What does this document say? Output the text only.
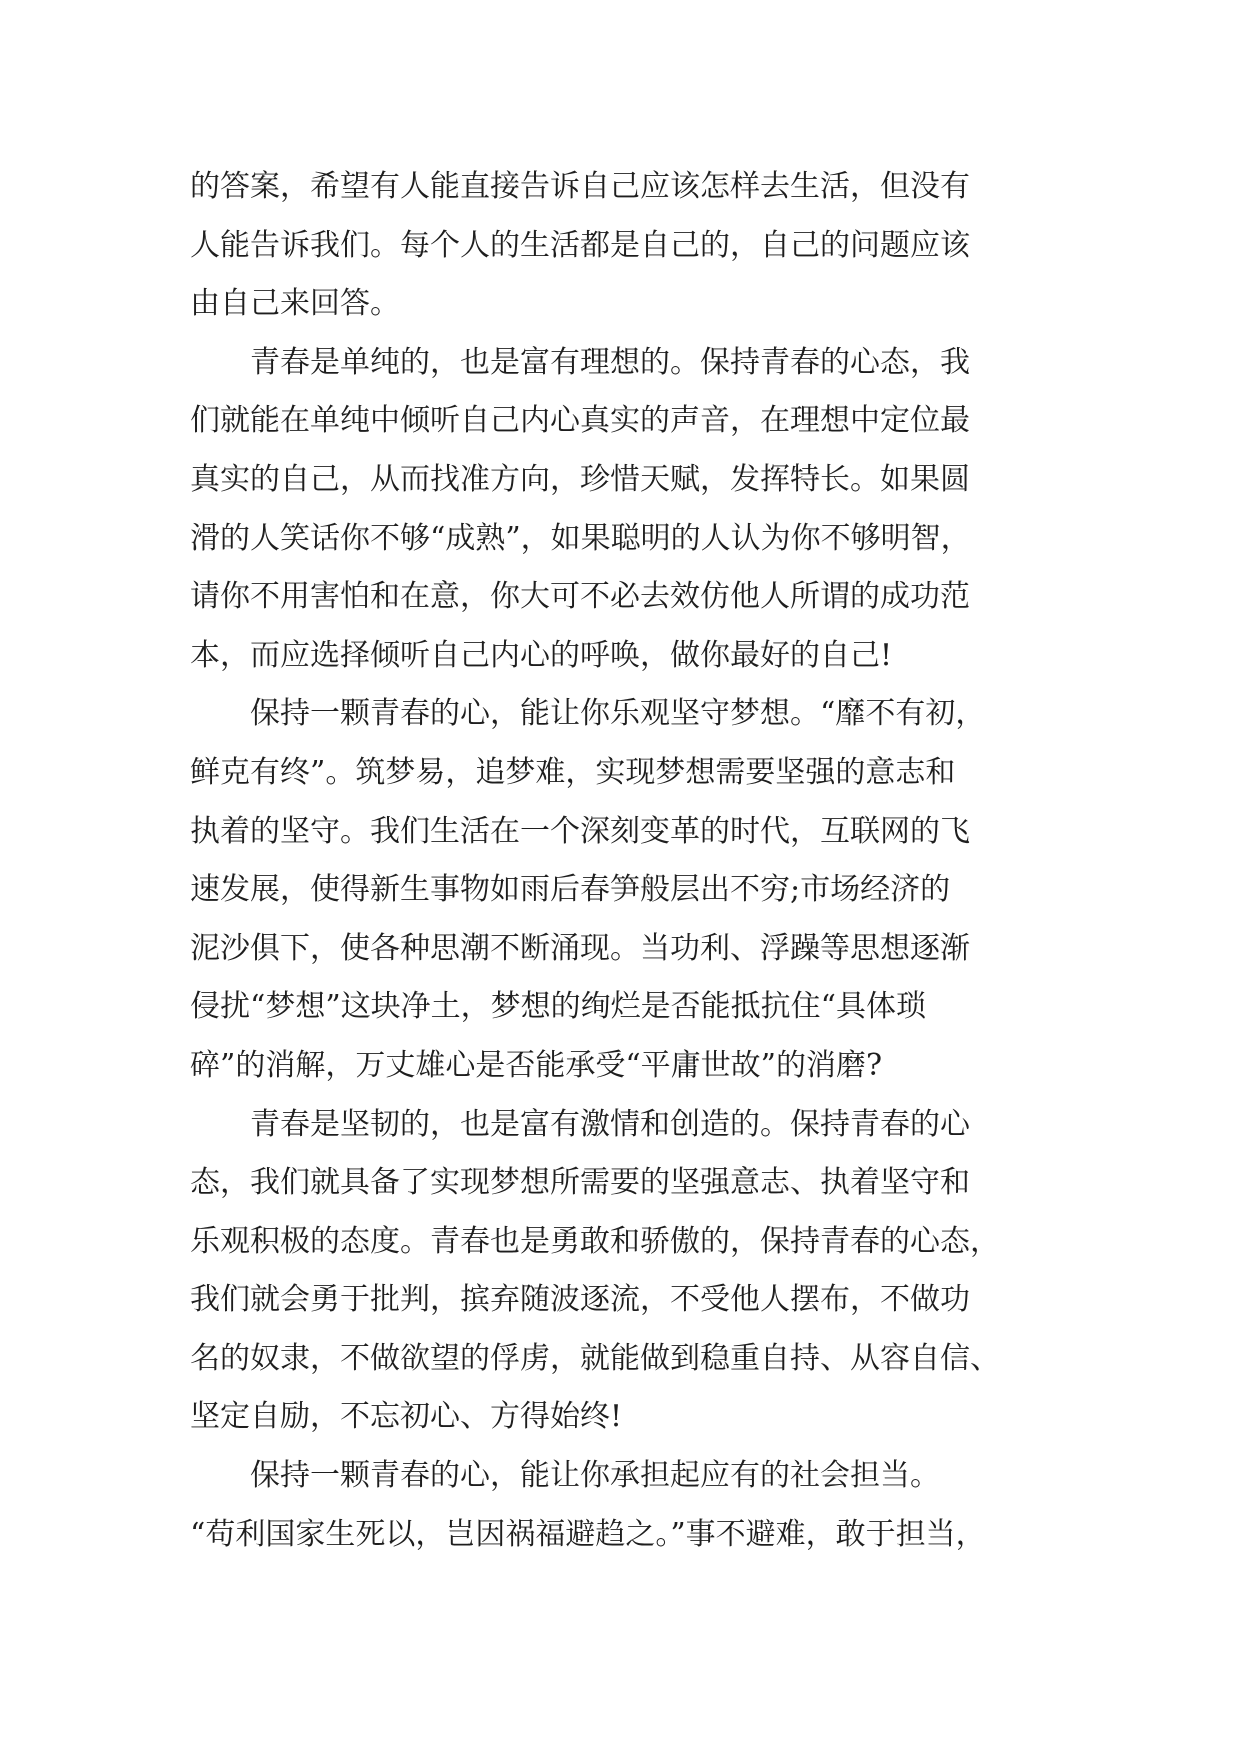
的答案，希望有人能直接告诉自己应该怎样去生活，但没有
人能告诉我们。每个人的生活都是自己的，自己的问题应该
由自己来回答。
青春是单纯的，也是富有理想的。保持青春的心态，我
们就能在单纯中倾听自己内心真实的声音，在理想中定位最
真实的自己，从而找准方向，珍惜天赋，发挥特长。如果圆
滑的人笑话你不够“成熟”，如果聪明的人认为你不够明智，
请你不用害怕和在意，你大可不必去效仿他人所谓的成功范
本，而应选择倾听自己内心的呼唤，做你最好的自己!
保持一颗青春的心，能让你乐观坚守梦想。“靡不有初，
鲜克有终”。筑梦易，追梦难，实现梦想需要坚强的意志和
执着的坚守。我们生活在一个深刻变革的时代，互联网的飞
速发展，使得新生事物如雨后春笋般层出不穷;市场经济的
泥沙俱下，使各种思潮不断涌现。当功利、浮躁等思想逐渐
侵扰“梦想”这块净土，梦想的绚烂是否能抵抗住“具体琐
碎”的消解，万丈雄心是否能承受“平庸世故”的消磨?
青春是坚韧的，也是富有激情和创造的。保持青春的心
态，我们就具备了实现梦想所需要的坚强意志、执着坚守和
乐观积极的态度。青春也是勇敢和骄傲的，保持青春的心态，
我们就会勇于批判，摈弃随波逐流，不受他人摆布，不做功
名的奴隶，不做欲望的俘虏，就能做到稳重自持、从容自信、
坚定自励，不忘初心、方得始终!
保持一颗青春的心，能让你承担起应有的社会担当。
“苟利国家生死以，岂因祸福避趋之。”事不避难，敢于担当，
